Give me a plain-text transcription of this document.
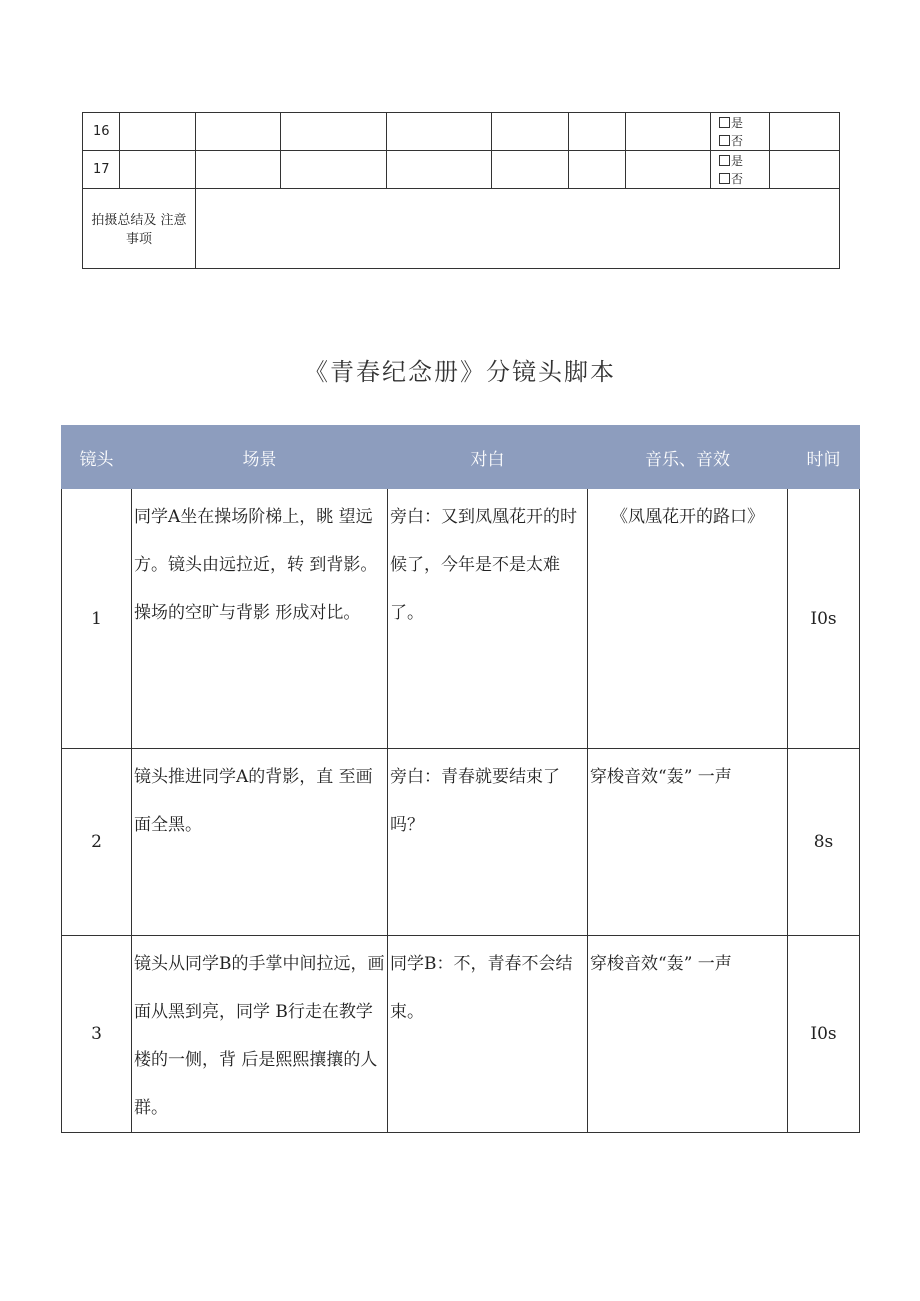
16								是
否	

17								是
否	

拍摄总结及 注意事项									
《青春纪念册》分镜头脚本
镜头	场景	对白	音乐、音效	时间
1	同学A坐在操场阶梯上，眺 望远方。镜头由远拉近，转 到背影。操场的空旷与背影 形成对比。	旁白：又到凤凰花开的时候了，今年是不是太难了。	《凤凰花开的路口》	I0s
2	镜头推进同学A的背影，直 至画面全黑。	旁白：青春就要结束了吗？	穿梭音效“轰” 一声	8s
3	镜头从同学B的手掌中间拉远，画面从黑到亮，同学 B行走在教学楼的一侧，背 后是熙熙攘攘的人群。	同学B：不，青春不会结束。	穿梭音效“轰” 一声	I0s
